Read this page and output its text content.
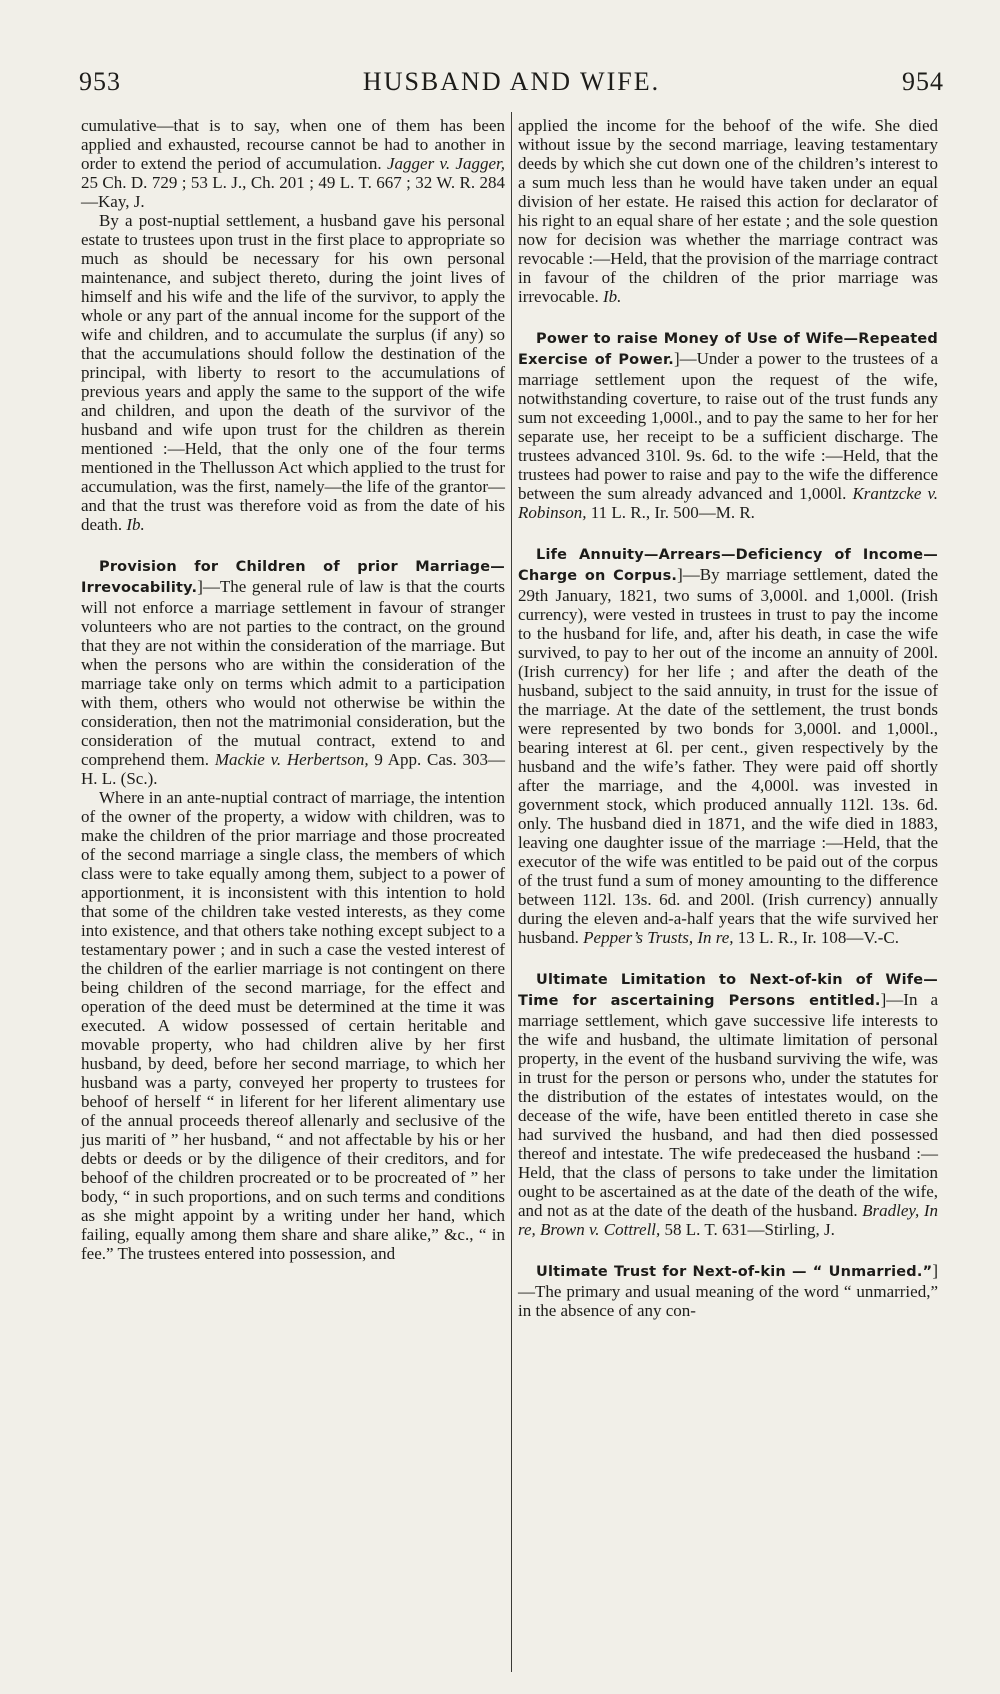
953	HUSBAND AND WIFE.	954

cumulative—that is to say, when one of them has been applied and exhausted, recourse cannot be had to another in order to extend the period of accumulation. Jagger v. Jagger, 25 Ch. D. 729 ; 53 L. J., Ch. 201 ; 49 L. T. 667 ; 32 W. R. 284—Kay, J.

By a post-nuptial settlement, a husband gave his personal estate to trustees upon trust in the first place to appropriate so much as should be necessary for his own personal maintenance, and subject thereto, during the joint lives of himself and his wife and the life of the survivor, to apply the whole or any part of the annual income for the support of the wife and children, and to accumulate the surplus (if any) so that the accumulations should follow the destination of the principal, with liberty to resort to the accumulations of previous years and apply the same to the support of the wife and children, and upon the death of the survivor of the husband and wife upon trust for the children as therein mentioned :—Held, that the only one of the four terms mentioned in the Thellusson Act which applied to the trust for accumulation, was the first, namely—the life of the grantor—and that the trust was therefore void as from the date of his death. Ib.

Provision for Children of prior Marriage—Irrevocability.]—The general rule of law is that the courts will not enforce a marriage settlement in favour of stranger volunteers who are not parties to the contract, on the ground that they are not within the consideration of the marriage. But when the persons who are within the consideration of the marriage take only on terms which admit to a participation with them, others who would not otherwise be within the consideration, then not the matrimonial consideration, but the consideration of the mutual contract, extend to and comprehend them. Mackie v. Herbertson, 9 App. Cas. 303—H. L. (Sc.).

Where in an ante-nuptial contract of marriage, the intention of the owner of the property, a widow with children, was to make the children of the prior marriage and those procreated of the second marriage a single class, the members of which class were to take equally among them, subject to a power of apportionment, it is inconsistent with this intention to hold that some of the children take vested interests, as they come into existence, and that others take nothing except subject to a testamentary power ; and in such a case the vested interest of the children of the earlier marriage is not contingent on there being children of the second marriage, for the effect and operation of the deed must be determined at the time it was executed. A widow possessed of certain heritable and movable property, who had children alive by her first husband, by deed, before her second marriage, to which her husband was a party, conveyed her property to trustees for behoof of herself “ in liferent for her liferent alimentary use of the annual proceeds thereof allenarly and seclusive of the jus mariti of ” her husband, “ and not affectable by his or her debts or deeds or by the diligence of their creditors, and for behoof of the children procreated or to be procreated of ” her body, “ in such proportions, and on such terms and conditions as she might appoint by a writing under her hand, which failing, equally among them share and share alike,” &c., “ in fee.” The trustees entered into possession, and

applied the income for the behoof of the wife. She died without issue by the second marriage, leaving testamentary deeds by which she cut down one of the children’s interest to a sum much less than he would have taken under an equal division of her estate. He raised this action for declarator of his right to an equal share of her estate ; and the sole question now for decision was whether the marriage contract was revocable :—Held, that the provision of the marriage contract in favour of the children of the prior marriage was irrevocable. Ib.

Power to raise Money of Use of Wife—Repeated Exercise of Power.]—Under a power to the trustees of a marriage settlement upon the request of the wife, notwithstanding coverture, to raise out of the trust funds any sum not exceeding 1,000l., and to pay the same to her for her separate use, her receipt to be a sufficient discharge. The trustees advanced 310l. 9s. 6d. to the wife :—Held, that the trustees had power to raise and pay to the wife the difference between the sum already advanced and 1,000l. Krantzcke v. Robinson, 11 L. R., Ir. 500—M. R.

Life Annuity—Arrears—Deficiency of Income—Charge on Corpus.]—By marriage settlement, dated the 29th January, 1821, two sums of 3,000l. and 1,000l. (Irish currency), were vested in trustees in trust to pay the income to the husband for life, and, after his death, in case the wife survived, to pay to her out of the income an annuity of 200l. (Irish currency) for her life ; and after the death of the husband, subject to the said annuity, in trust for the issue of the marriage. At the date of the settlement, the trust bonds were represented by two bonds for 3,000l. and 1,000l., bearing interest at 6l. per cent., given respectively by the husband and the wife’s father. They were paid off shortly after the marriage, and the 4,000l. was invested in government stock, which produced annually 112l. 13s. 6d. only. The husband died in 1871, and the wife died in 1883, leaving one daughter issue of the marriage :—Held, that the executor of the wife was entitled to be paid out of the corpus of the trust fund a sum of money amounting to the difference between 112l. 13s. 6d. and 200l. (Irish currency) annually during the eleven and-a-half years that the wife survived her husband. Pepper’s Trusts, In re, 13 L. R., Ir. 108—V.-C.

Ultimate Limitation to Next-of-kin of Wife—Time for ascertaining Persons entitled.]—In a marriage settlement, which gave successive life interests to the wife and husband, the ultimate limitation of personal property, in the event of the husband surviving the wife, was in trust for the person or persons who, under the statutes for the distribution of the estates of intestates would, on the decease of the wife, have been entitled thereto in case she had survived the husband, and had then died possessed thereof and intestate. The wife predeceased the husband :—Held, that the class of persons to take under the limitation ought to be ascertained as at the date of the death of the wife, and not as at the date of the death of the husband. Bradley, In re, Brown v. Cottrell, 58 L. T. 631—Stirling, J.

Ultimate Trust for Next-of-kin — “ Unmarried.”]—The primary and usual meaning of the word “ unmarried,” in the absence of any con-
